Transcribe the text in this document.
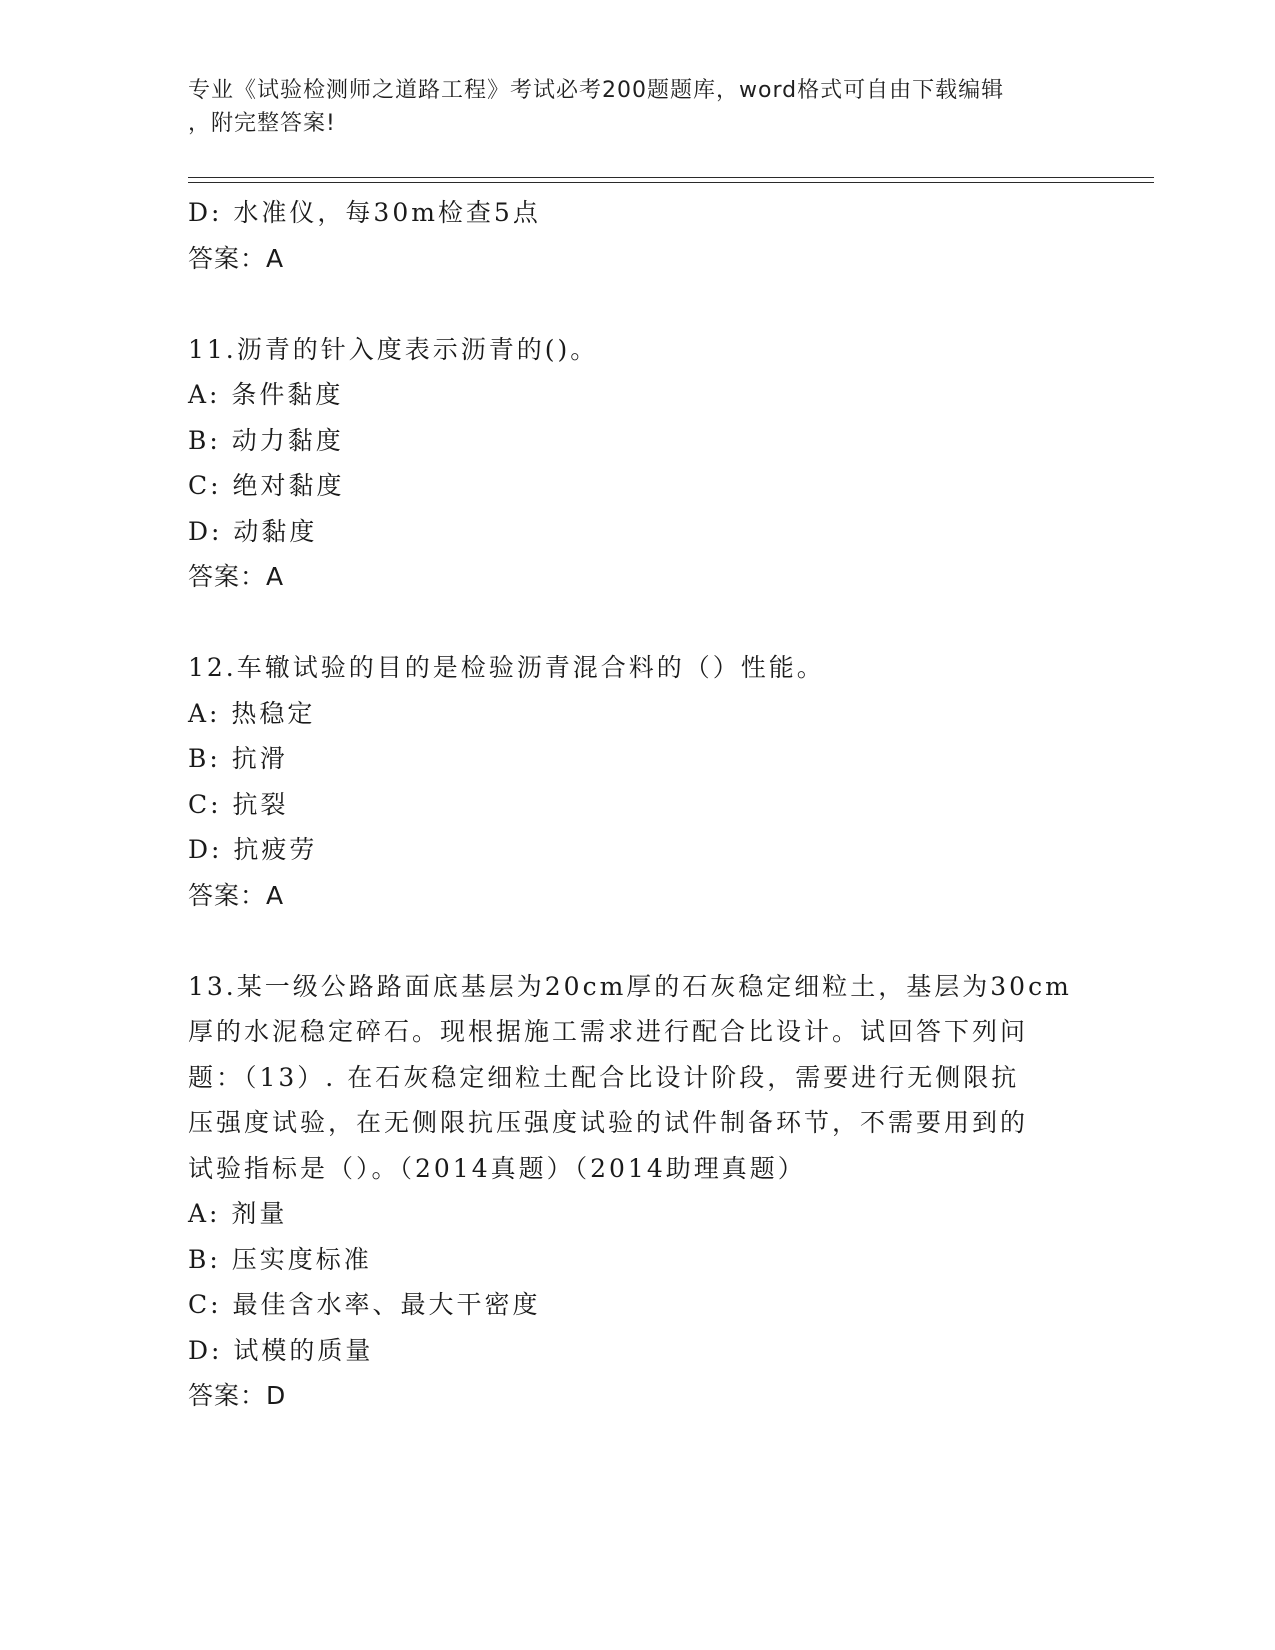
专业《试验检测师之道路工程》考试必考200题题库，word格式可自由下载编辑
，附完整答案!
D: 水准仪，每30m检查5点
答案：A
11.沥青的针入度表示沥青的()。
A: 条件黏度
B: 动力黏度
C: 绝对黏度
D: 动黏度
答案：A
12.车辙试验的目的是检验沥青混合料的（）性能。
A: 热稳定
B: 抗滑
C: 抗裂
D: 抗疲劳
答案：A
13.某一级公路路面底基层为20cm厚的石灰稳定细粒土，基层为30cm
厚的水泥稳定碎石。现根据施工需求进行配合比设计。试回答下列问
题：（13）. 在石灰稳定细粒土配合比设计阶段，需要进行无侧限抗
压强度试验，在无侧限抗压强度试验的试件制备环节，不需要用到的
试验指标是（）。（2014真题）（2014助理真题）
A: 剂量
B: 压实度标准
C: 最佳含水率、最大干密度
D: 试模的质量
答案：D
